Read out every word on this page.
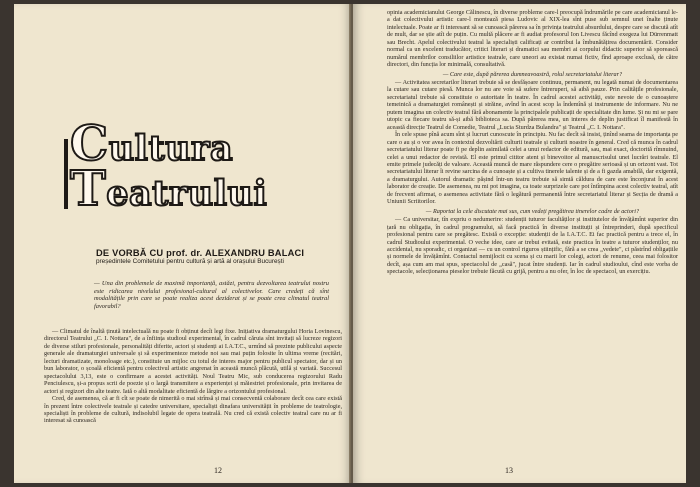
Cultura
Teatrului
DE VORBĂ CU prof. dr. ALEXANDRU BALACI
președintele Comitetului pentru cultură și artă al orașului București
— Una din problemele de maximă importanță, astăzi, pentru dezvoltarea teatrului nostru este ridicarea nivelului profesional-cultural al colectivelor. Care credeți că sînt modalitățile prin care se poate realiza acest deziderat și se poate crea climatul teatral favorabil?

— Climatul de înaltă ținută intelectuală nu poate fi obținut decît legi fixe. Inițiativa dramaturgului Horia Lovinescu, directorul Teatrului „C. I. Nottara", de a înființa studioul experimental, în cadrul căruia sînt invitați să lucreze regizori de diverse stiluri profesionale, personalități diferite, actori și studenți ai I.A.T.C., urmînd să prezinte publicului aspecte generale ale dramaturgiei universale și să experimenteze metode noi sau mai puțin folosite în ultima vreme (recitări, lecturi dramatizate, monoloage etc.), constituie un mijloc cu totul de interes major pentru publicul spectator, dar și un bun laborator, o școală eficientă pentru colectivul artistic angrenat în această muncă plăcută, utilă și variată. Succesul spectacolului 3,13, este o confirmare a acestei activități. Noul Teatru Mic, sub conducerea regizorului Radu Penciulescu, și-a propus scrii de poezie și o largă transmitere a experienței și măiestriei profesionale, prin invitarea de actori și regizori din alte teatre. Iată o altă modalitate eficientă de lărgire a orizontului profesional.

Cred, de asemenea, că ar fi cît se poate de nimerită o mai strînsă și mai consecventă colaborare decît cea care există în prezent între colectivele teatrale și catedre universitare, specialiști dinafara universității în probleme de teatrologie, specialiști în probleme de cultură, indisolubil legate de opera teatrală. Nu cred că există colectiv teatral care nu ar fi interesat să cunoască

12

opinia academicianului George Călinescu, în diverse probleme care-l preocupă îndrumările pe care academicianul le-a dat colectivului artistic care-l montează piesa Ludovic al XIX-lea sînt puse sub semnul unei înalte ținute intelectuale. Poate ar fi interesant să se cunoască părerea sa în privința teatrului absurdului, despre care se discută atît de mult, dar se știe atît de puțin. Cu multă plăcere ar fi audiat profesorul Ion Livescu făcînd exegeza lui Dürrenmatt sau Brecht. Apelul colectivului teatral la specialiști calificați ar contribui la îmbunătățirea documentării. Consider normal ca un excelent traducător, critici literari și dramatici sau membri ai corpului didactic superior să sporească numărul membrilor consiliilor artistice teatrale, care uneori au existat numai fictiv, fînd aproape exclusă, de către directori, din funcția lor minimală, consultativă.

— Care este, după părerea dumneavoastră, rolul secretariatului literar?

— Activitatea secretarilor literari trebuie să se desfășoare continuu, permanent, nu legată numai de documentarea la cutare sau cutare piesă. Munca lor nu are voie să sufere întreruperi, să aibă pauze. Prin calitățile profesionale, secretariatul trebuie să constituie o autoritate în teatre. În cadrul acestei activități, este nevoie de o cunoaștere temeinică a dramaturgiei românești și străine, avînd în acest scop la îndemînă și instrumente de informare. Nu ne putem imagina un colectiv teatral fără abonamente la principalele publicații de specialitate din lume. Și nu mi se pare utopic ca fiecare teatru să-și aibă biblioteca sa. După părerea mea, un interes de deplin justificat îl manifestă în această direcție Teatrul de Comedie, Teatrul „Lucia Sturdza Bulandra" și Teatrul „C. I. Nottara".

În cele spuse pînă acum sînt și lucruri cunoscute în principiu. Nu fac decît să insist, ținînd seama de importanța pe care o au și o vor avea în contextul dezvoltării culturii teatrale și culturii noastre în general. Cred că munca în cadrul secretariatului literar poate fi pe deplin asimilată celei a unui redactor de editură, sau, mai exact, doctorită rîmnuind, celei a unui redactor de revistă. El este primul cititor atent și binevoitor al manuscrisului unei lucrări teatrale. El emite primele judecăți de valoare. Această muncă de mare răspundere cere o pregătire serioasă și un orizont vast. Tot secretariatului literar îi revine sarcina de a cunoaște și a cultiva tinerele talente și de a fi gazda amabilă, dar exigentă, a dramaturgului. Autorul dramatic pășind într-un teatru trebuie să simtă căldura de care este înconjurat în acest laborator de creație. De asemenea, nu mi pot imagina, ca toate surprizele care pot întîmpina acest colectiv teatral, atît de frecvent afirmat, o asemenea activitate fără o legătură permanentă între secretariatul literar și Secția de dramă a Uniunii Scriitorilor.

— Raportat la cele discutate mai sus, cum vedeți pregătirea tinerelor cadre de actori?

— Ca universitar, tîn expriu o nedumerire: studenții tuturor facultăților și institutelor de învățămînt superior din țară nu obligația, în cadrul programului, să facă practică în diverse instituții și întreprinderi, după specificul profesional pentru care se pregătesc. Există o excepție: studenții de la I.A.T.C. Ei fac practică pentru a trece el, în cadrul Studioului experimental. O veche idee, care ar trebui evitată, este practica în teatre a tuturor studenților, nu accidental, nu sporadic, ci organizat — cu un control riguros științific, fără a se crea „vedete", ci păstrînd obligațiile și normele de învățămînt. Contactul nemijlocit cu scena și cu marii lor colegi, actori de renume, ceea mai folositor decît, așa cum am mai spus, spectacolul de „casă", jucat între studenți. Iar în cadrul studioului, cînd este vorba de spectacole, selecționarea pieselor trebuie făcută cu grijă, pentru a nu ofer, în loc de spectacol, un exercițiu.

13
